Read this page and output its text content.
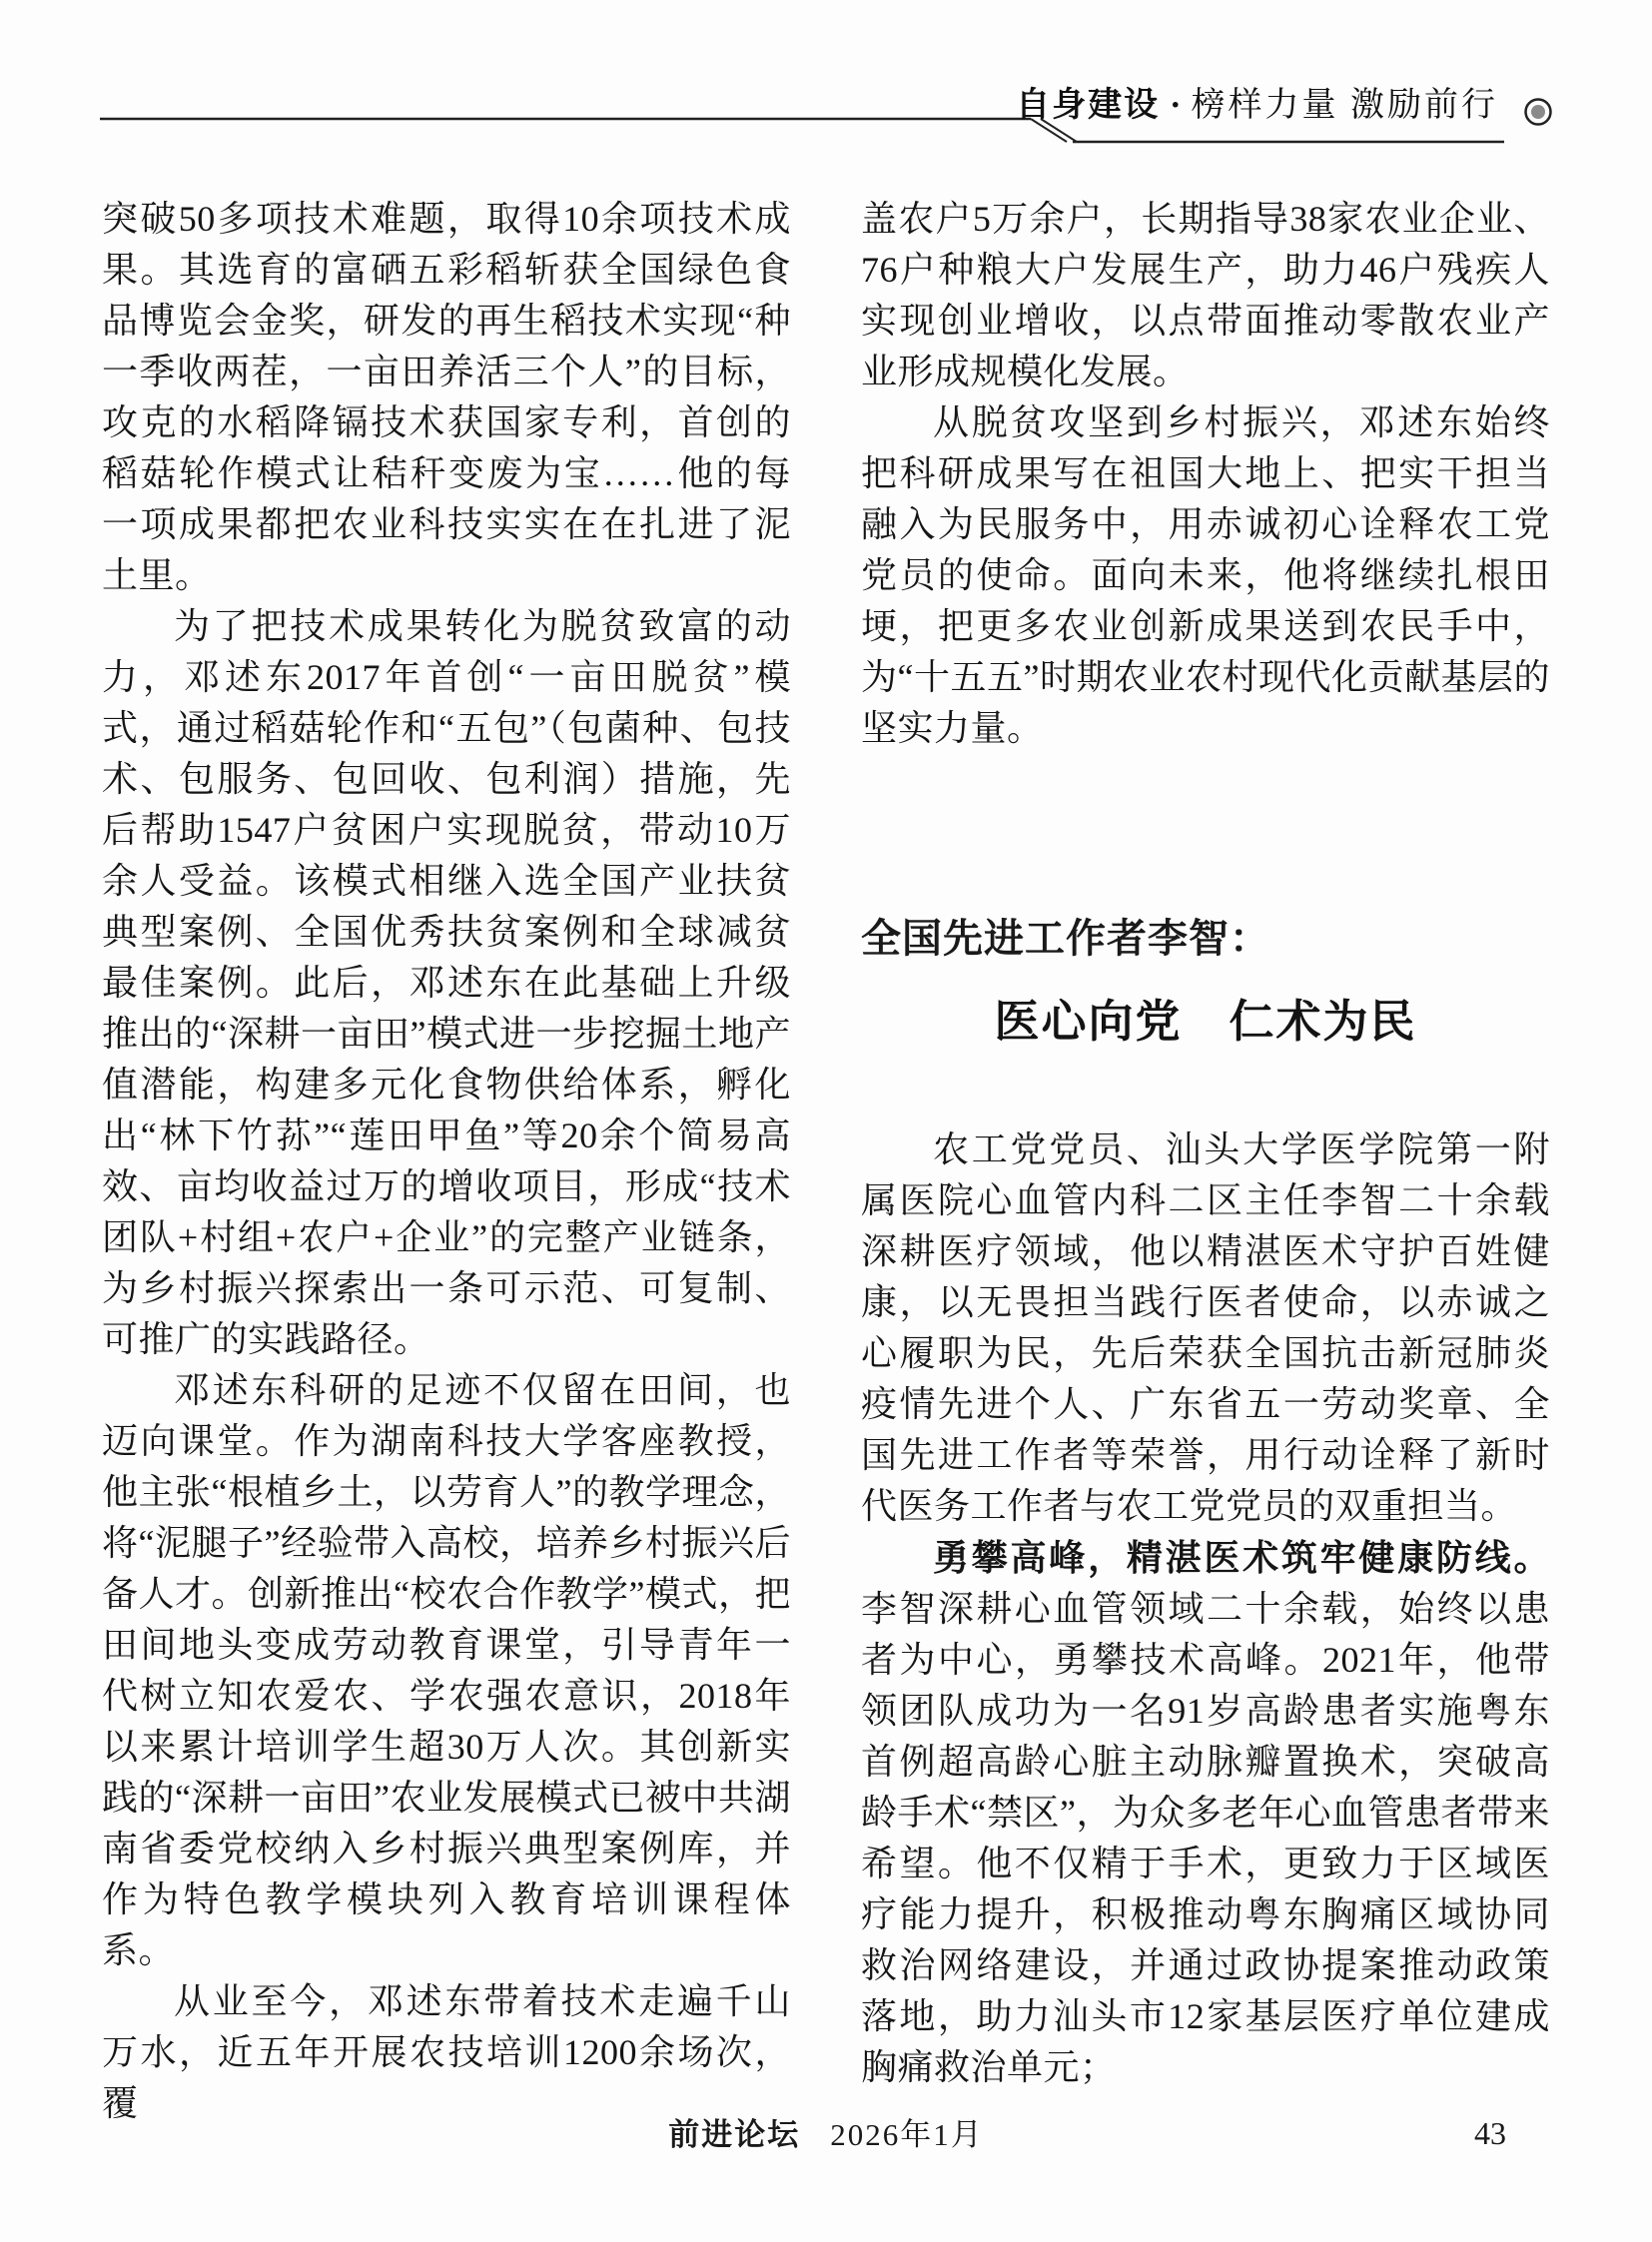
自身建设 · 榜样力量 激励前行

突破50多项技术难题，取得10余项技术成果。其选育的富硒五彩稻斩获全国绿色食品博览会金奖，研发的再生稻技术实现“种一季收两茬，一亩田养活三个人”的目标，攻克的水稻降镉技术获国家专利，首创的稻菇轮作模式让秸秆变废为宝……他的每一项成果都把农业科技实实在在扎进了泥土里。

为了把技术成果转化为脱贫致富的动力，邓述东2017年首创“一亩田脱贫”模式，通过稻菇轮作和“五包”（包菌种、包技术、包服务、包回收、包利润）措施，先后帮助1547户贫困户实现脱贫，带动10万余人受益。该模式相继入选全国产业扶贫典型案例、全国优秀扶贫案例和全球减贫最佳案例。此后，邓述东在此基础上升级推出的“深耕一亩田”模式进一步挖掘土地产值潜能，构建多元化食物供给体系，孵化出“林下竹荪”“莲田甲鱼”等20余个简易高效、亩均收益过万的增收项目，形成“技术团队+村组+农户+企业”的完整产业链条，为乡村振兴探索出一条可示范、可复制、可推广的实践路径。

邓述东科研的足迹不仅留在田间，也迈向课堂。作为湖南科技大学客座教授，他主张“根植乡土，以劳育人”的教学理念，将“泥腿子”经验带入高校，培养乡村振兴后备人才。创新推出“校农合作教学”模式，把田间地头变成劳动教育课堂，引导青年一代树立知农爱农、学农强农意识，2018年以来累计培训学生超30万人次。其创新实践的“深耕一亩田”农业发展模式已被中共湖南省委党校纳入乡村振兴典型案例库，并作为特色教学模块列入教育培训课程体系。

从业至今，邓述东带着技术走遍千山万水，近五年开展农技培训1200余场次，覆

盖农户5万余户，长期指导38家农业企业、76户种粮大户发展生产，助力46户残疾人实现创业增收，以点带面推动零散农业产业形成规模化发展。

从脱贫攻坚到乡村振兴，邓述东始终把科研成果写在祖国大地上、把实干担当融入为民服务中，用赤诚初心诠释农工党党员的使命。面向未来，他将继续扎根田埂，把更多农业创新成果送到农民手中，为“十五五”时期农业农村现代化贡献基层的坚实力量。

全国先进工作者李智：
医心向党　仁术为民

农工党党员、汕头大学医学院第一附属医院心血管内科二区主任李智二十余载深耕医疗领域，他以精湛医术守护百姓健康，以无畏担当践行医者使命，以赤诚之心履职为民，先后荣获全国抗击新冠肺炎疫情先进个人、广东省五一劳动奖章、全国先进工作者等荣誉，用行动诠释了新时代医务工作者与农工党党员的双重担当。

勇攀高峰，精湛医术筑牢健康防线。李智深耕心血管领域二十余载，始终以患者为中心，勇攀技术高峰。2021年，他带领团队成功为一名91岁高龄患者实施粤东首例超高龄心脏主动脉瓣置换术，突破高龄手术“禁区”，为众多老年心血管患者带来希望。他不仅精于手术，更致力于区域医疗能力提升，积极推动粤东胸痛区域协同救治网络建设，并通过政协提案推动政策落地，助力汕头市12家基层医疗单位建成胸痛救治单元；

前进论坛 2026年1月	43
